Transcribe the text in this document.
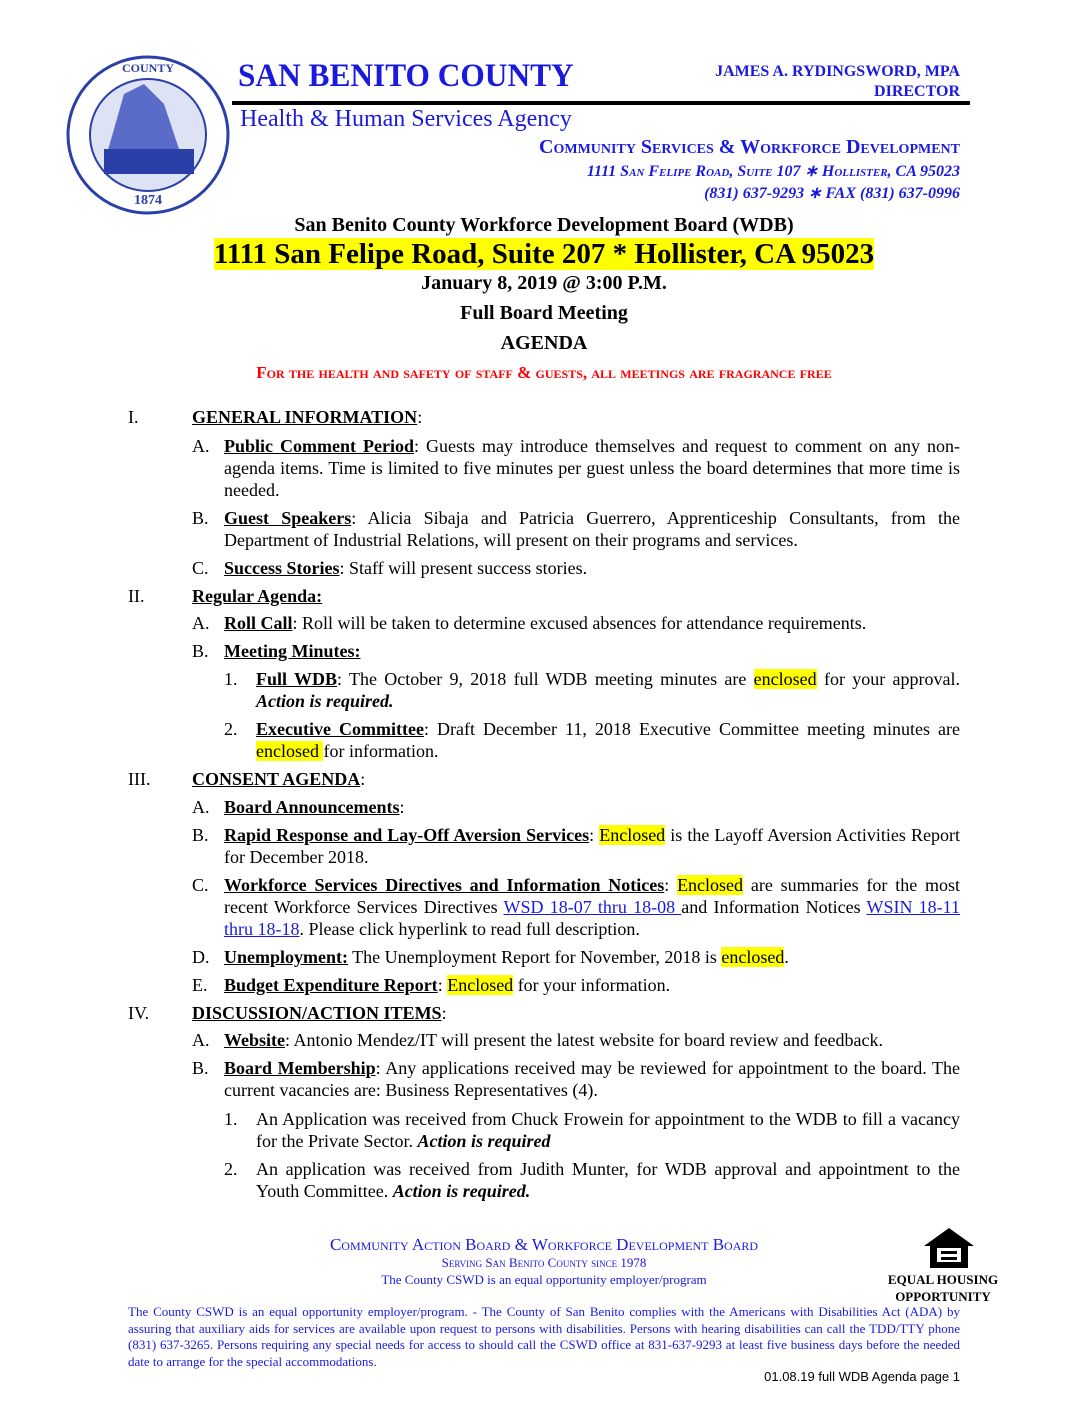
1874
COUNTY SAN BENITO COUNTY	JAMES A. RYDINGSWORD, MPA
DIRECTOR
Health & Human Services Agency
Community Services & Workforce Development
1111 San Felipe Road, Suite 107 ∗ Hollister, CA 95023
(831) 637-9293 ∗ FAX (831) 637-0996
San Benito County Workforce Development Board (WDB)
1111 San Felipe Road, Suite 207 * Hollister, CA 95023
January 8, 2019 @ 3:00 P.M.
Full Board Meeting
AGENDA
For the health and safety of staff & guests, all meetings are fragrance free
I.	GENERAL INFORMATION:
A. Public Comment Period: Guests may introduce themselves and request to comment on any non-agenda items. Time is limited to five minutes per guest unless the board determines that more time is needed.
B. Guest Speakers: Alicia Sibaja and Patricia Guerrero, Apprenticeship Consultants, from the Department of Industrial Relations, will present on their programs and services.
C. Success Stories: Staff will present success stories.
II.	Regular Agenda:
A. Roll Call: Roll will be taken to determine excused absences for attendance requirements.
B. Meeting Minutes:
1. Full WDB: The October 9, 2018 full WDB meeting minutes are enclosed for your approval. Action is required.
2. Executive Committee: Draft December 11, 2018 Executive Committee meeting minutes are enclosed for information.
III. CONSENT AGENDA:
A. Board Announcements:
B. Rapid Response and Lay-Off Aversion Services: Enclosed is the Layoff Aversion Activities Report for December 2018.
C. Workforce Services Directives and Information Notices: Enclosed are summaries for the most recent Workforce Services Directives WSD 18-07 thru 18-08 and Information Notices WSIN 18-11 thru 18-18. Please click hyperlink to read full description.
D. Unemployment: The Unemployment Report for November, 2018 is enclosed.
E. Budget Expenditure Report: Enclosed for your information.
IV. DISCUSSION/ACTION ITEMS:
A. Website: Antonio Mendez/IT will present the latest website for board review and feedback.
B. Board Membership: Any applications received may be reviewed for appointment to the board. The current vacancies are: Business Representatives (4).
1. An Application was received from Chuck Frowein for appointment to the WDB to fill a vacancy for the Private Sector. Action is required
2. An application was received from Judith Munter, for WDB approval and appointment to the Youth Committee. Action is required.
Community Action Board & Workforce Development Board
Serving San Benito County since 1978
The County CSWD is an equal opportunity employer/program	EQUAL HOUSING
OPPORTUNITY
The County CSWD is an equal opportunity employer/program. - The County of San Benito complies with the Americans with Disabilities Act (ADA) by assuring that auxiliary aids for services are available upon request to persons with disabilities. Persons with hearing disabilities can call the TDD/TTY phone (831) 637-3265. Persons requiring any special needs for access to should call the CSWD office at 831-637-9293 at least five business days before the needed date to arrange for the special accommodations.
01.08.19 full WDB Agenda page 1
